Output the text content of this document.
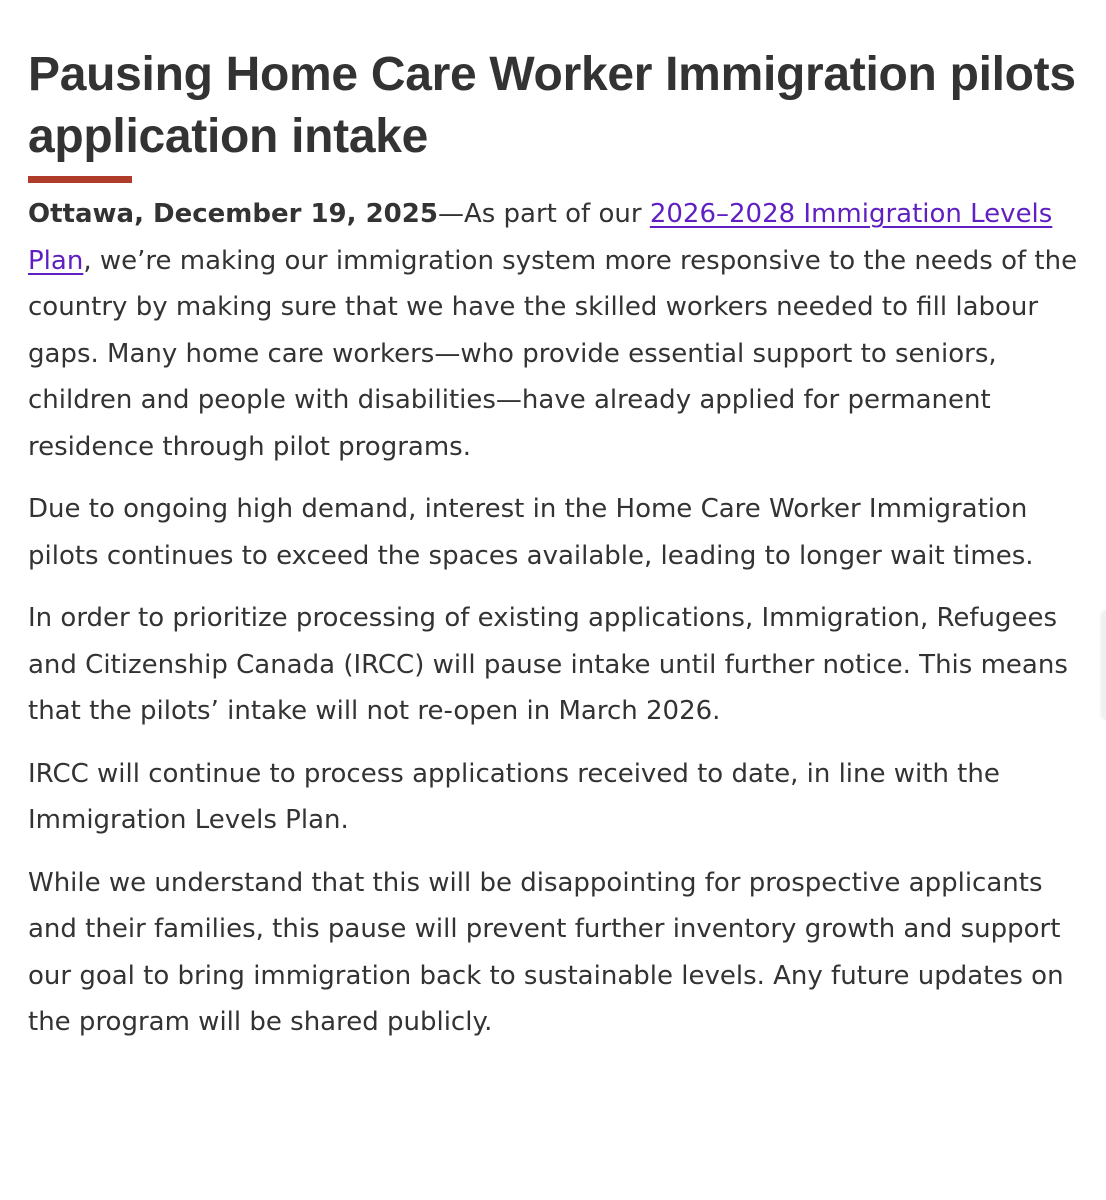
Pausing Home Care Worker Immigration pilots application intake

Ottawa, December 19, 2025—As part of our 2026–2028 Immigration Levels Plan, we’re making our immigration system more responsive to the needs of the country by making sure that we have the skilled workers needed to fill labour gaps. Many home care workers—who provide essential support to seniors, children and people with disabilities—have already applied for permanent residence through pilot programs.

Due to ongoing high demand, interest in the Home Care Worker Immigration pilots continues to exceed the spaces available, leading to longer wait times.

In order to prioritize processing of existing applications, Immigration, Refugees and Citizenship Canada (IRCC) will pause intake until further notice. This means that the pilots’ intake will not re-open in March 2026.

IRCC will continue to process applications received to date, in line with the Immigration Levels Plan.

While we understand that this will be disappointing for prospective applicants and their families, this pause will prevent further inventory growth and support our goal to bring immigration back to sustainable levels. Any future updates on the program will be shared publicly.
